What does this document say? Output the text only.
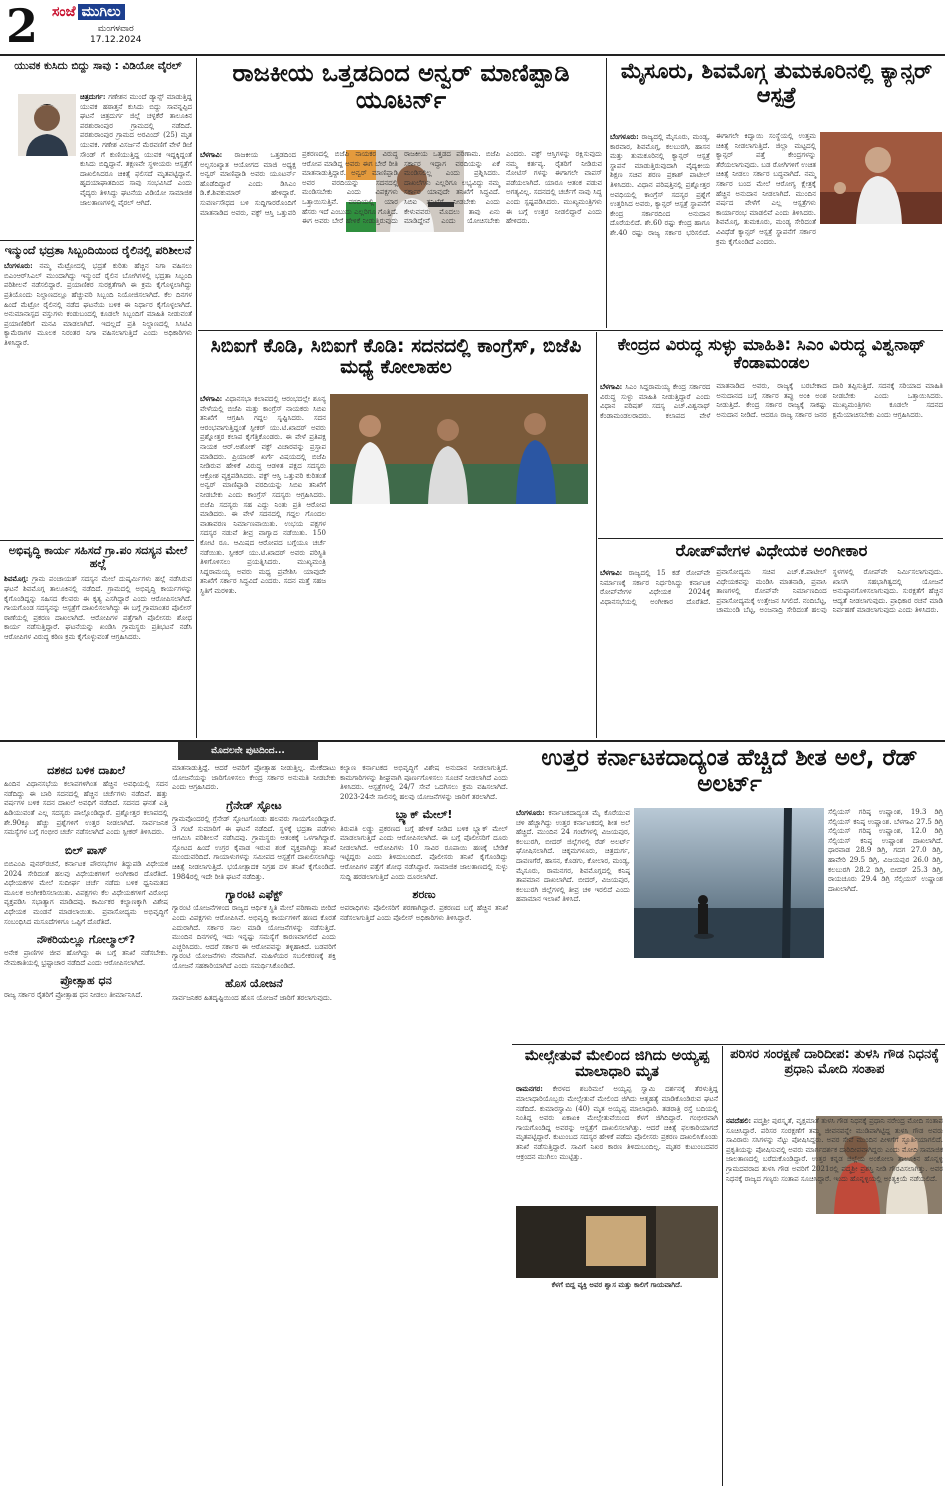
2 ಸಂಜೆ ಮುಗಿಲು
ಮಂಗಳವಾರ
17.12.2024
ಯುವಕ ಕುಸಿದು ಬಿದ್ದು ಸಾವು : ವಿಡಿಯೋ ವೈರಲ್

ಚಿತ್ರದುರ್ಗ: ಗಣೇಶನ ಮುಂದೆ ಡ್ಯಾನ್ಸ್ ಮಾಡುತ್ತಿದ್ದ ಯುವಕ ಹಠಾತ್ತನೆ ಕುಸಿದು ಬಿದ್ದು ಸಾವನ್ನಪ್ಪಿದ ಘಟನೆ ಚಿತ್ರದುರ್ಗ ಜಿಲ್ಲೆ ಚಳ್ಳಕೆರೆ ತಾಲೂಕಿನ ಪರಶುರಾಂಪುರ ಗ್ರಾಮದಲ್ಲಿ ನಡೆದಿದೆ. ಪರಶುರಾಂಪುರ ಗ್ರಾಮದ ಅರವಿಂದ್ (25) ಮೃತ ಯುವಕ. ಗಣೇಶ ವಿಸರ್ಜನೆ ಮೆರವಣಿಗೆ ವೇಳೆ ಡಿಜೆ ಸೌಂಡ್ ಗೆ ಕುಣಿಯುತ್ತಿದ್ದ ಯುವಕ ಇದ್ದಕ್ಕಿದ್ದಂತೆ ಕುಸಿದು ಬಿದ್ದಿದ್ದಾನೆ. ತಕ್ಷಣವೇ ಸ್ಥಳೀಯರು ಆಸ್ಪತ್ರೆಗೆ ದಾಖಲಿಸಿದರೂ ಚಿಕಿತ್ಸೆ ಫಲಿಸದೆ ಮೃತಪಟ್ಟಿದ್ದಾನೆ. ಹೃದಯಾಘಾತದಿಂದ ಸಾವು ಸಂಭವಿಸಿದೆ ಎಂದು ವೈದ್ಯರು ತಿಳಿಸಿದ್ದು ಘಟನೆಯ ವಿಡಿಯೋ ಸಾಮಾಜಿಕ ಜಾಲತಾಣಗಳಲ್ಲಿ ವೈರಲ್ ಆಗಿದೆ.

ಇನ್ಮುಂದೆ ಭದ್ರತಾ ಸಿಬ್ಬಂದಿಯಿಂದ ರೈಲಿನಲ್ಲಿ ಪರಿಶೀಲನೆ

ಬೆಂಗಳೂರು: ನಮ್ಮ ಮೆಟ್ರೋದಲ್ಲಿ ಭದ್ರತೆ ಕುರಿತು ಹೆಚ್ಚಿನ ನಿಗಾ ವಹಿಸಲು ಬಿಎಂಆರ್‌ಸಿಎಲ್ ಮುಂದಾಗಿದ್ದು ಇನ್ಮುಂದೆ ರೈಲಿನ ಬೋಗಿಗಳಲ್ಲಿ ಭದ್ರತಾ ಸಿಬ್ಬಂದಿ ಪರಿಶೀಲನೆ ನಡೆಸಲಿದ್ದಾರೆ. ಪ್ರಯಾಣಿಕರ ಸುರಕ್ಷತೆಗಾಗಿ ಈ ಕ್ರಮ ಕೈಗೊಳ್ಳಲಾಗಿದ್ದು ಪ್ರತಿಯೊಂದು ನಿಲ್ದಾಣದಲ್ಲೂ ಹೆಚ್ಚುವರಿ ಸಿಬ್ಬಂದಿ ನಿಯೋಜಿಸಲಾಗಿದೆ. ಕೆಲ ದಿನಗಳ ಹಿಂದೆ ಮೆಟ್ರೋ ರೈಲಿನಲ್ಲಿ ನಡೆದ ಘಟನೆಯ ಬಳಿಕ ಈ ನಿರ್ಧಾರ ಕೈಗೊಳ್ಳಲಾಗಿದೆ. ಅನುಮಾನಾಸ್ಪದ ವಸ್ತುಗಳು ಕಂಡುಬಂದಲ್ಲಿ ಕೂಡಲೇ ಸಿಬ್ಬಂದಿಗೆ ಮಾಹಿತಿ ನೀಡುವಂತೆ ಪ್ರಯಾಣಿಕರಿಗೆ ಮನವಿ ಮಾಡಲಾಗಿದೆ. ಇದಲ್ಲದೆ ಪ್ರತಿ ನಿಲ್ದಾಣದಲ್ಲಿ ಸಿಸಿಟಿವಿ ಕ್ಯಾಮೆರಾಗಳ ಮೂಲಕ ನಿರಂತರ ನಿಗಾ ವಹಿಸಲಾಗುತ್ತಿದೆ ಎಂದು ಅಧಿಕಾರಿಗಳು ತಿಳಿಸಿದ್ದಾರೆ.

ಅಭಿವೃದ್ಧಿ ಕಾರ್ಯ ಸಹಿಸದೆ ಗ್ರಾ.ಪಂ ಸದಸ್ಯನ ಮೇಲೆ ಹಲ್ಲೆ

ಶಿವಮೊಗ್ಗ: ಗ್ರಾಮ ಪಂಚಾಯತ್ ಸದಸ್ಯನ ಮೇಲೆ ದುಷ್ಕರ್ಮಿಗಳು ಹಲ್ಲೆ ನಡೆಸಿರುವ ಘಟನೆ ಶಿವಮೊಗ್ಗ ತಾಲೂಕಿನಲ್ಲಿ ನಡೆದಿದೆ. ಗ್ರಾಮದಲ್ಲಿ ಅಭಿವೃದ್ಧಿ ಕಾರ್ಯಗಳನ್ನು ಕೈಗೊಂಡಿದ್ದನ್ನು ಸಹಿಸದ ಕೆಲವರು ಈ ಕೃತ್ಯ ಎಸಗಿದ್ದಾರೆ ಎಂದು ಆರೋಪಿಸಲಾಗಿದೆ. ಗಾಯಗೊಂಡ ಸದಸ್ಯನನ್ನು ಆಸ್ಪತ್ರೆಗೆ ದಾಖಲಿಸಲಾಗಿದ್ದು ಈ ಬಗ್ಗೆ ಗ್ರಾಮಾಂತರ ಪೊಲೀಸ್ ಠಾಣೆಯಲ್ಲಿ ಪ್ರಕರಣ ದಾಖಲಾಗಿದೆ. ಆರೋಪಿಗಳ ಪತ್ತೆಗಾಗಿ ಪೊಲೀಸರು ಶೋಧ ಕಾರ್ಯ ನಡೆಸುತ್ತಿದ್ದಾರೆ. ಘಟನೆಯನ್ನು ಖಂಡಿಸಿ ಗ್ರಾಮಸ್ಥರು ಪ್ರತಿಭಟನೆ ನಡೆಸಿ ಆರೋಪಿಗಳ ವಿರುದ್ಧ ಕಠಿಣ ಕ್ರಮ ಕೈಗೊಳ್ಳುವಂತೆ ಆಗ್ರಹಿಸಿದರು.

ರಾಜಕೀಯ ಒತ್ತಡದಿಂದ ಅನ್ವರ್ ಮಾಣಿಪ್ಪಾಡಿ ಯೂಟರ್ನ್

ಬೆಳಗಾವಿ: ರಾಜಕೀಯ ಒತ್ತಡದಿಂದ ಅಲ್ಪಸಂಖ್ಯಾತ ಆಯೋಗದ ಮಾಜಿ ಅಧ್ಯಕ್ಷ ಅನ್ವರ್ ಮಾಣಿಪ್ಪಾಡಿ ಅವರು ಯೂಟರ್ನ್ ಹೊಡೆದಿದ್ದಾರೆ ಎಂದು ಡಿಸಿಎಂ ಡಿ.ಕೆ.ಶಿವಕುಮಾರ್ ಹೇಳಿದ್ದಾರೆ. ಸುವರ್ಣಸೌಧದ ಬಳಿ ಸುದ್ದಿಗಾರರೊಂದಿಗೆ ಮಾತನಾಡಿದ ಅವರು, ವಕ್ಫ್ ಆಸ್ತಿ ಒತ್ತುವರಿ ಪ್ರಕರಣದಲ್ಲಿ ಬಿಜೆಪಿ ನಾಯಕರ ವಿರುದ್ಧ ಆರೋಪ ಮಾಡಿದ್ದ ಅವರು ಈಗ ಬೇರೆ ರೀತಿ ಮಾತನಾಡುತ್ತಿದ್ದಾರೆ. ಅನ್ವರ್ ಮಾಣಿಪ್ಪಾಡಿ ಅವರ ವರದಿಯನ್ನು ಸದನದಲ್ಲಿ ಮಂಡಿಸಬೇಕು ಎಂದು ವಿಪಕ್ಷಗಳು ಒತ್ತಾಯಿಸುತ್ತಿವೆ. ವರದಿಯಲ್ಲಿ ಯಾರ ಹೆಸರು ಇದೆ ಎಂಬುದು ಎಲ್ಲರಿಗೂ ಗೊತ್ತಿದೆ. ಈಗ ಅವರು ಬೇರೆ ಹೇಳಿಕೆ ನೀಡುತ್ತಿರುವುದು ರಾಜಕೀಯ ಒತ್ತಡದ ಪರಿಣಾಮ. ಬಿಜೆಪಿ ಸರ್ಕಾರ ಇದ್ದಾಗ ವರದಿಯನ್ನು ಏಕೆ ಮಂಡಿಸಲಿಲ್ಲ ಎಂದು ಪ್ರಶ್ನಿಸಿದರು. ದಾಖಲೆಗಳು ಎಲ್ಲರಿಗೂ ಲಭ್ಯವಿದ್ದು ನಮ್ಮ ಸರ್ಕಾರ ಯಾವುದೇ ತನಿಖೆಗೆ ಸಿದ್ಧವಿದೆ. ಸಿಬಿಐ ತನಿಖೆಗೆ ನೀಡಬೇಕು ಎಂದು ಕೇಳುವವರು ಮೊದಲು ತಾವು ಏನು ಮಾಡಿದ್ದೇವೆ ಎಂದು ಯೋಚಿಸಬೇಕು ಎಂದರು. ವಕ್ಫ್ ಆಸ್ತಿಗಳನ್ನು ರಕ್ಷಿಸುವುದು ನಮ್ಮ ಕರ್ತವ್ಯ. ರೈತರಿಗೆ ನೀಡಿರುವ ನೋಟಿಸ್ ಗಳನ್ನು ಈಗಾಗಲೇ ವಾಪಸ್ ಪಡೆಯಲಾಗಿದೆ. ಯಾರೂ ಆತಂಕ ಪಡುವ ಅಗತ್ಯವಿಲ್ಲ. ಸದನದಲ್ಲಿ ಚರ್ಚೆಗೆ ನಾವು ಸಿದ್ಧ ಎಂದು ಸ್ಪಷ್ಟಪಡಿಸಿದರು. ಮುಖ್ಯಮಂತ್ರಿಗಳು ಈ ಬಗ್ಗೆ ಉತ್ತರ ನೀಡಲಿದ್ದಾರೆ ಎಂದು ಹೇಳಿದರು.

ಮೈಸೂರು, ಶಿವಮೊಗ್ಗ ತುಮಕೂರಿನಲ್ಲಿ ಕ್ಯಾನ್ಸರ್ ಆಸ್ಪತ್ರೆ

ಬೆಂಗಳೂರು: ರಾಜ್ಯದಲ್ಲಿ ಮೈಸೂರು, ಮಂಡ್ಯ, ಕಾರವಾರ, ಶಿವಮೊಗ್ಗ, ಕಲಬುರಗಿ, ಹಾಸನ ಮತ್ತು ತುಮಕೂರಿನಲ್ಲಿ ಕ್ಯಾನ್ಸರ್ ಆಸ್ಪತ್ರೆ ಸ್ಥಾಪನೆ ಮಾಡುತ್ತಿರುವುದಾಗಿ ವೈದ್ಯಕೀಯ ಶಿಕ್ಷಣ ಸಚಿವ ಶರಣ ಪ್ರಕಾಶ್ ಪಾಟೀಲ್ ತಿಳಿಸಿದರು. ವಿಧಾನ ಪರಿಷತ್ತಿನಲ್ಲಿ ಪ್ರಶ್ನೋತ್ತರ ಅವಧಿಯಲ್ಲಿ ಕಾಂಗ್ರೆಸ್ ಸದಸ್ಯರ ಪ್ರಶ್ನೆಗೆ ಉತ್ತರಿಸಿದ ಅವರು, ಕ್ಯಾನ್ಸರ್ ಆಸ್ಪತ್ರೆ ಸ್ಥಾಪನೆಗೆ ಕೇಂದ್ರ ಸರ್ಕಾರದಿಂದ ಅನುದಾನ ದೊರೆಯಲಿದೆ. ಶೇ.60 ರಷ್ಟು ಕೇಂದ್ರ ಹಾಗೂ ಶೇ.40 ರಷ್ಟು ರಾಜ್ಯ ಸರ್ಕಾರ ಭರಿಸಲಿದೆ. ಈಗಾಗಲೇ ಕಿದ್ವಾಯಿ ಸಂಸ್ಥೆಯಲ್ಲಿ ಉತ್ತಮ ಚಿಕಿತ್ಸೆ ನೀಡಲಾಗುತ್ತಿದೆ. ಜಿಲ್ಲಾ ಮಟ್ಟದಲ್ಲಿ ಕ್ಯಾನ್ಸರ್ ಪತ್ತೆ ಕೇಂದ್ರಗಳನ್ನು ತೆರೆಯಲಾಗುವುದು. ಬಡ ರೋಗಿಗಳಿಗೆ ಉಚಿತ ಚಿಕಿತ್ಸೆ ನೀಡಲು ಸರ್ಕಾರ ಬದ್ಧವಾಗಿದೆ. ನಮ್ಮ ಸರ್ಕಾರ ಬಂದ ಮೇಲೆ ಆರೋಗ್ಯ ಕ್ಷೇತ್ರಕ್ಕೆ ಹೆಚ್ಚಿನ ಅನುದಾನ ನೀಡಲಾಗಿದೆ. ಮುಂದಿನ ವರ್ಷದ ವೇಳೆಗೆ ಎಲ್ಲ ಆಸ್ಪತ್ರೆಗಳು ಕಾರ್ಯಾರಂಭ ಮಾಡಲಿವೆ ಎಂದು ತಿಳಿಸಿದರು. ಶಿವಮೊಗ್ಗ, ತುಮಕೂರು, ಮಂಡ್ಯ ಸೇರಿದಂತೆ ವಿವಿಧೆಡೆ ಕ್ಯಾನ್ಸರ್ ಆಸ್ಪತ್ರೆ ಸ್ಥಾಪನೆಗೆ ಸರ್ಕಾರ ಕ್ರಮ ಕೈಗೊಂಡಿದೆ ಎಂದರು.

ಸಿಬಿಐಗೆ ಕೊಡಿ, ಸಿಬಿಐಗೆ ಕೊಡಿ: ಸದನದಲ್ಲಿ ಕಾಂಗ್ರೆಸ್, ಬಿಜೆಪಿ ಮಧ್ಯೆ ಕೋಲಾಹಲ

ಬೆಳಗಾವಿ: ವಿಧಾನಸಭಾ ಕಲಾಪದಲ್ಲಿ ಆರಂಭದಲ್ಲೇ ಶೂನ್ಯ ವೇಳೆಯಲ್ಲಿ ಬಿಜೆಪಿ ಮತ್ತು ಕಾಂಗ್ರೆಸ್ ನಾಯಕರು ಸಿಬಿಐ ತನಿಖೆಗೆ ಆಗ್ರಹಿಸಿ ಗದ್ದಲ ಸೃಷ್ಟಿಸಿದರು. ಸದನ ಆರಂಭವಾಗುತ್ತಿದ್ದಂತೆ ಸ್ಪೀಕರ್ ಯು.ಟಿ.ಖಾದರ್ ಅವರು ಪ್ರಶ್ನೋತ್ತರ ಕಲಾಪ ಕೈಗೆತ್ತಿಕೊಂಡರು. ಈ ವೇಳೆ ಪ್ರತಿಪಕ್ಷ ನಾಯಕ ಆರ್.ಅಶೋಕ್ ವಕ್ಫ್ ವಿಚಾರವನ್ನು ಪ್ರಸ್ತಾಪ ಮಾಡಿದರು. ಪ್ರಿಯಾಂಕ್ ಖರ್ಗೆ ವಿಷಯದಲ್ಲಿ ಬಿಜೆಪಿ ನೀಡಿರುವ ಹೇಳಿಕೆ ವಿರುದ್ಧ ಆಡಳಿತ ಪಕ್ಷದ ಸದಸ್ಯರು ಆಕ್ರೋಶ ವ್ಯಕ್ತಪಡಿಸಿದರು. ವಕ್ಫ್ ಆಸ್ತಿ ಒತ್ತುವರಿ ಕುರಿತಂತೆ ಅನ್ವರ್ ಮಾಣಿಪ್ಪಾಡಿ ವರದಿಯನ್ನು ಸಿಬಿಐ ತನಿಖೆಗೆ ನೀಡಬೇಕು ಎಂದು ಕಾಂಗ್ರೆಸ್ ಸದಸ್ಯರು ಆಗ್ರಹಿಸಿದರು. ಬಿಜೆಪಿ ಸದಸ್ಯರು ಸಹ ಎದ್ದು ನಿಂತು ಪ್ರತಿ ಆರೋಪ ಮಾಡಿದರು. ಈ ವೇಳೆ ಸದನದಲ್ಲಿ ಗದ್ದಲ ಗೊಂದಲ ವಾತಾವರಣ ನಿರ್ಮಾಣವಾಯಿತು. ಉಭಯ ಪಕ್ಷಗಳ ಸದಸ್ಯರ ನಡುವೆ ತೀವ್ರ ವಾಗ್ವಾದ ನಡೆಯಿತು. 150 ಕೋಟಿ ರೂ. ಆಮಿಷದ ಆರೋಪದ ಬಗ್ಗೆಯೂ ಚರ್ಚೆ ನಡೆಯಿತು. ಸ್ಪೀಕರ್ ಯು.ಟಿ.ಖಾದರ್ ಅವರು ಪರಿಸ್ಥಿತಿ ತಿಳಿಗೊಳಿಸಲು ಪ್ರಯತ್ನಿಸಿದರು. ಮುಖ್ಯಮಂತ್ರಿ ಸಿದ್ದರಾಮಯ್ಯ ಅವರು ಮಧ್ಯ ಪ್ರವೇಶಿಸಿ ಯಾವುದೇ ತನಿಖೆಗೆ ಸರ್ಕಾರ ಸಿದ್ಧವಿದೆ ಎಂದರು. ಸದನ ಮತ್ತೆ ಸಹಜ ಸ್ಥಿತಿಗೆ ಮರಳಿತು.

ಕೇಂದ್ರದ ವಿರುದ್ಧ ಸುಳ್ಳು ಮಾಹಿತಿ: ಸಿಎಂ ವಿರುದ್ಧ ವಿಶ್ವನಾಥ್ ಕೆಂಡಾಮಂಡಲ

ಬೆಳಗಾವಿ: ಸಿಎಂ ಸಿದ್ದರಾಮಯ್ಯ ಕೇಂದ್ರ ಸರ್ಕಾರದ ವಿರುದ್ಧ ಸುಳ್ಳು ಮಾಹಿತಿ ನೀಡುತ್ತಿದ್ದಾರೆ ಎಂದು ವಿಧಾನ ಪರಿಷತ್ ಸದಸ್ಯ ಎಚ್.ವಿಶ್ವನಾಥ್ ಕೆಂಡಾಮಂಡಲರಾದರು. ಕಲಾಪದ ವೇಳೆ ಮಾತನಾಡಿದ ಅವರು, ರಾಜ್ಯಕ್ಕೆ ಬರಬೇಕಾದ ಅನುದಾನದ ಬಗ್ಗೆ ಸರ್ಕಾರ ತಪ್ಪು ಅಂಕಿ ಅಂಶ ನೀಡುತ್ತಿದೆ. ಕೇಂದ್ರ ಸರ್ಕಾರ ರಾಜ್ಯಕ್ಕೆ ಸಾಕಷ್ಟು ಅನುದಾನ ನೀಡಿದೆ. ಆದರೂ ರಾಜ್ಯ ಸರ್ಕಾರ ಜನರ ದಾರಿ ತಪ್ಪಿಸುತ್ತಿದೆ. ಸದನಕ್ಕೆ ಸರಿಯಾದ ಮಾಹಿತಿ ನೀಡಬೇಕು ಎಂದು ಒತ್ತಾಯಿಸಿದರು. ಮುಖ್ಯಮಂತ್ರಿಗಳು ಕೂಡಲೇ ಸದನದ ಕ್ಷಮೆಯಾಚಿಸಬೇಕು ಎಂದು ಆಗ್ರಹಿಸಿದರು.

ರೋಪ್‌ವೇಗಳ ವಿಧೇಯಕ ಅಂಗೀಕಾರ

ಬೆಳಗಾವಿ: ರಾಜ್ಯದಲ್ಲಿ 15 ಕಡೆ ರೋಪ್‌ವೇ ನಿರ್ಮಾಣಕ್ಕೆ ಸರ್ಕಾರ ನಿರ್ಧರಿಸಿದ್ದು ಕರ್ನಾಟಕ ರೋಪ್‌ವೇಗಳ ವಿಧೇಯಕ 2024ಕ್ಕೆ ವಿಧಾನಸಭೆಯಲ್ಲಿ ಅಂಗೀಕಾರ ದೊರೆತಿದೆ. ಪ್ರವಾಸೋದ್ಯಮ ಸಚಿವ ಎಚ್.ಕೆ.ಪಾಟೀಲ್ ವಿಧೇಯಕವನ್ನು ಮಂಡಿಸಿ ಮಾತನಾಡಿ, ಪ್ರವಾಸಿ ತಾಣಗಳಲ್ಲಿ ರೋಪ್‌ವೇ ನಿರ್ಮಾಣದಿಂದ ಪ್ರವಾಸೋದ್ಯಮಕ್ಕೆ ಉತ್ತೇಜನ ಸಿಗಲಿದೆ. ನಂದಿಬೆಟ್ಟ, ಚಾಮುಂಡಿ ಬೆಟ್ಟ, ಅಂಜನಾದ್ರಿ ಸೇರಿದಂತೆ ಹಲವು ಸ್ಥಳಗಳಲ್ಲಿ ರೋಪ್‌ವೇ ನಿರ್ಮಿಸಲಾಗುವುದು. ಖಾಸಗಿ ಸಹಭಾಗಿತ್ವದಲ್ಲಿ ಯೋಜನೆ ಅನುಷ್ಠಾನಗೊಳಿಸಲಾಗುವುದು. ಸುರಕ್ಷತೆಗೆ ಹೆಚ್ಚಿನ ಆದ್ಯತೆ ನೀಡಲಾಗುವುದು. ಪ್ರಾಧಿಕಾರ ರಚನೆ ಮಾಡಿ ನಿರ್ವಹಣೆ ಮಾಡಲಾಗುವುದು ಎಂದು ತಿಳಿಸಿದರು.

ಮೊದಲನೇ ಪುಟದಿಂದ...
ದಶಕದ ಬಳಿಕ ದಾಖಲೆ

ಹಿಂದಿನ ವಿಧಾನಸಭೆಯ ಕಲಾಪಗಳಿಗಿಂತ ಹೆಚ್ಚಿನ ಅವಧಿಯಲ್ಲಿ ಸದನ ನಡೆದಿದ್ದು ಈ ಬಾರಿ ಸದನದಲ್ಲಿ ಹೆಚ್ಚಿನ ಚರ್ಚೆಗಳು ನಡೆದಿವೆ. ಹತ್ತು ವರ್ಷಗಳ ಬಳಿಕ ಸದನ ದಾಖಲೆ ಅವಧಿಗೆ ನಡೆದಿದೆ. ಸದನದ ಘನತೆ ಎತ್ತಿ ಹಿಡಿಯುವಂತೆ ಎಲ್ಲ ಸದಸ್ಯರು ಪಾಲ್ಗೊಂಡಿದ್ದಾರೆ. ಪ್ರಶ್ನೋತ್ತರ ಕಲಾಪದಲ್ಲಿ ಶೇ.90ಕ್ಕೂ ಹೆಚ್ಚು ಪ್ರಶ್ನೆಗಳಿಗೆ ಉತ್ತರ ನೀಡಲಾಗಿದೆ. ಸಾರ್ವಜನಿಕ ಸಮಸ್ಯೆಗಳ ಬಗ್ಗೆ ಗಂಭೀರ ಚರ್ಚೆ ನಡೆಸಲಾಗಿದೆ ಎಂದು ಸ್ಪೀಕರ್ ತಿಳಿಸಿದರು.

ಬಿಲ್ ಪಾಸ್

ಬಿಬಿಎಂಪಿ ಪುನರ್‌ರಚನೆ, ಕರ್ನಾಟಕ ಪೌರಸಭೆಗಳ ತಿದ್ದುಪಡಿ ವಿಧೇಯಕ 2024 ಸೇರಿದಂತೆ ಹಲವು ವಿಧೇಯಕಗಳಿಗೆ ಅಂಗೀಕಾರ ದೊರೆತಿದೆ. ವಿಧೇಯಕಗಳ ಮೇಲೆ ಸುದೀರ್ಘ ಚರ್ಚೆ ನಡೆದು ಬಳಿಕ ಧ್ವನಿಮತದ ಮೂಲಕ ಅಂಗೀಕರಿಸಲಾಯಿತು. ವಿಪಕ್ಷಗಳು ಕೆಲ ವಿಧೇಯಕಗಳಿಗೆ ವಿರೋಧ ವ್ಯಕ್ತಪಡಿಸಿ ಸಭಾತ್ಯಾಗ ಮಾಡಿದವು. ಕಾರ್ಮಿಕರ ಕಲ್ಯಾಣಕ್ಕಾಗಿ ವಿಶೇಷ ವಿಧೇಯಕ ಮಂಡನೆ ಮಾಡಲಾಯಿತು. ಪ್ರವಾಸೋದ್ಯಮ ಅಭಿವೃದ್ಧಿಗೆ ಸಂಬಂಧಿಸಿದ ಮಸೂದೆಗಳಿಗೂ ಒಪ್ಪಿಗೆ ದೊರೆತಿದೆ.

ನೌಕರಿಯಲ್ಲೂ ಗೋಲ್ಮಾಲ್?

ಅನೇಕ ಪ್ರಾಣಿಗಳ ಜೀವ ಹೋಗಿದ್ದು ಈ ಬಗ್ಗೆ ತನಿಖೆ ನಡೆಸಬೇಕು. ನೇಮಕಾತಿಯಲ್ಲಿ ಭ್ರಷ್ಟಾಚಾರ ನಡೆದಿದೆ ಎಂದು ಆರೋಪಿಸಲಾಗಿದೆ.

ಪ್ರೋತ್ಸಾಹ ಧನ

ರಾಜ್ಯ ಸರ್ಕಾರ ರೈತರಿಗೆ ಪ್ರೋತ್ಸಾಹ ಧನ ನೀಡಲು ತೀರ್ಮಾನಿಸಿದೆ.

ಮಾತನಾಡುತ್ತಿದ್ದೆ. ಆದರೆ ಅವರಿಗೆ ಪ್ರೋತ್ಸಾಹ ನೀಡುತ್ತಿಲ್ಲ. ಮೇಕೆದಾಟು ಯೋಜನೆಯನ್ನು ಜಾರಿಗೊಳಿಸಲು ಕೇಂದ್ರ ಸರ್ಕಾರ ಅನುಮತಿ ನೀಡಬೇಕು ಎಂದು ಆಗ್ರಹಿಸಿದರು.

ಗ್ರೆನೇಡ್ ಸ್ಫೋಟ

ಗ್ರಾಮವೊಂದರಲ್ಲಿ ಗ್ರೆನೇಡ್ ಸ್ಫೋಟಗೊಂಡು ಹಲವರು ಗಾಯಗೊಂಡಿದ್ದಾರೆ. 3 ಗಂಟೆ ಸುಮಾರಿಗೆ ಈ ಘಟನೆ ನಡೆದಿದೆ. ಸ್ಥಳಕ್ಕೆ ಭದ್ರತಾ ಪಡೆಗಳು ಆಗಮಿಸಿ ಪರಿಶೀಲನೆ ನಡೆಸಿದವು. ಗ್ರಾಮಸ್ಥರು ಆತಂಕಕ್ಕೆ ಒಳಗಾಗಿದ್ದಾರೆ. ಸ್ಫೋಟದ ಹಿಂದೆ ಉಗ್ರರ ಕೈವಾಡ ಇರುವ ಶಂಕೆ ವ್ಯಕ್ತವಾಗಿದ್ದು ತನಿಖೆ ಮುಂದುವರಿದಿದೆ. ಗಾಯಾಳುಗಳನ್ನು ಸಮೀಪದ ಆಸ್ಪತ್ರೆಗೆ ದಾಖಲಿಸಲಾಗಿದ್ದು ಚಿಕಿತ್ಸೆ ನೀಡಲಾಗುತ್ತಿದೆ. ಭಯೋತ್ಪಾದಕ ನಿಗ್ರಹ ದಳ ತನಿಖೆ ಕೈಗೊಂಡಿದೆ. 1984ರಲ್ಲಿ ಇದೇ ರೀತಿ ಘಟನೆ ನಡೆದಿತ್ತು.

ಗ್ಯಾರಂಟಿ ಎಫೆಕ್ಟ್

ಗ್ಯಾರಂಟಿ ಯೋಜನೆಗಳಿಂದ ರಾಜ್ಯದ ಆರ್ಥಿಕ ಸ್ಥಿತಿ ಮೇಲೆ ಪರಿಣಾಮ ಬೀರಿದೆ ಎಂದು ವಿಪಕ್ಷಗಳು ಆರೋಪಿಸಿವೆ. ಅಭಿವೃದ್ಧಿ ಕಾರ್ಯಗಳಿಗೆ ಹಣದ ಕೊರತೆ ಎದುರಾಗಿದೆ. ಸರ್ಕಾರ ಸಾಲ ಮಾಡಿ ಯೋಜನೆಗಳನ್ನು ನಡೆಸುತ್ತಿದೆ. ಮುಂದಿನ ದಿನಗಳಲ್ಲಿ ಇದು ಇನ್ನಷ್ಟು ಸಮಸ್ಯೆಗೆ ಕಾರಣವಾಗಲಿದೆ ಎಂದು ಎಚ್ಚರಿಸಿದರು. ಆದರೆ ಸರ್ಕಾರ ಈ ಆರೋಪವನ್ನು ತಳ್ಳಿಹಾಕಿದೆ. ಬಡವರಿಗೆ ಗ್ಯಾರಂಟಿ ಯೋಜನೆಗಳು ನೆರವಾಗಿವೆ. ಮಹಿಳೆಯರ ಸಬಲೀಕರಣಕ್ಕೆ ಶಕ್ತಿ ಯೋಜನೆ ಸಹಕಾರಿಯಾಗಿದೆ ಎಂದು ಸಮರ್ಥಿಸಿಕೊಂಡಿದೆ.

ಹೊಸ ಯೋಜನೆ

ಸಾರ್ವಜನಿಕರ ಹಿತದೃಷ್ಟಿಯಿಂದ ಹೊಸ ಯೋಜನೆ ಜಾರಿಗೆ ತರಲಾಗುವುದು.

ಕಲ್ಯಾಣ ಕರ್ನಾಟಕದ ಅಭಿವೃದ್ಧಿಗೆ ವಿಶೇಷ ಅನುದಾನ ನೀಡಲಾಗುತ್ತಿದೆ. ಕಾಮಗಾರಿಗಳನ್ನು ಶೀಘ್ರವಾಗಿ ಪೂರ್ಣಗೊಳಿಸಲು ಸೂಚನೆ ನೀಡಲಾಗಿದೆ ಎಂದು ತಿಳಿಸಿದರು. ಆಸ್ಪತ್ರೆಗಳಲ್ಲಿ 24/7 ಸೇವೆ ಒದಗಿಸಲು ಕ್ರಮ ವಹಿಸಲಾಗಿದೆ. 2023-24ನೇ ಸಾಲಿನಲ್ಲಿ ಹಲವು ಯೋಜನೆಗಳನ್ನು ಜಾರಿಗೆ ತರಲಾಗಿದೆ.

ಬ್ಲ್ಯಾಕ್ ಮೇಲ್!

ತಿರುಪತಿ ಲಡ್ಡು ಪ್ರಕರಣದ ಬಗ್ಗೆ ಹೇಳಿಕೆ ನೀಡಿದ ಬಳಿಕ ಬ್ಲ್ಯಾಕ್ ಮೇಲ್ ಮಾಡಲಾಗುತ್ತಿದೆ ಎಂದು ಆರೋಪಿಸಲಾಗಿದೆ. ಈ ಬಗ್ಗೆ ಪೊಲೀಸರಿಗೆ ದೂರು ನೀಡಲಾಗಿದೆ. ಆರೋಪಿಗಳು 10 ಸಾವಿರ ರೂಪಾಯಿ ಹಣಕ್ಕೆ ಬೇಡಿಕೆ ಇಟ್ಟಿದ್ದರು ಎಂದು ತಿಳಿದುಬಂದಿದೆ. ಪೊಲೀಸರು ತನಿಖೆ ಕೈಗೊಂಡಿದ್ದು ಆರೋಪಿಗಳ ಪತ್ತೆಗೆ ಶೋಧ ನಡೆಸಿದ್ದಾರೆ. ಸಾಮಾಜಿಕ ಜಾಲತಾಣದಲ್ಲಿ ಸುಳ್ಳು ಸುದ್ದಿ ಹರಡಲಾಗುತ್ತಿದೆ ಎಂದು ದೂರಲಾಗಿದೆ.

ಶರಣು

ಅಪರಾಧಿಗಳು ಪೊಲೀಸರಿಗೆ ಶರಣಾಗಿದ್ದಾರೆ. ಪ್ರಕರಣದ ಬಗ್ಗೆ ಹೆಚ್ಚಿನ ತನಿಖೆ ನಡೆಸಲಾಗುತ್ತಿದೆ ಎಂದು ಪೊಲೀಸ್ ಅಧಿಕಾರಿಗಳು ತಿಳಿಸಿದ್ದಾರೆ.

ಉತ್ತರ ಕರ್ನಾಟಕದಾದ್ಯಂತ ಹೆಚ್ಚಿದೆ ಶೀತ ಅಲೆ, ರೆಡ್ ಅಲರ್ಟ್

ಬೆಂಗಳೂರು: ಕರ್ನಾಟಕದಾದ್ಯಂತ ಮೈ ಕೊರೆಯುವ ಚಳಿ ಹೆಚ್ಚಾಗಿದ್ದು ಉತ್ತರ ಕರ್ನಾಟಕದಲ್ಲಿ ಶೀತ ಅಲೆ ಹೆಚ್ಚಿದೆ. ಮುಂದಿನ 24 ಗಂಟೆಗಳಲ್ಲಿ ವಿಜಯಪುರ, ಕಲಬುರಗಿ, ಬೀದರ್ ಜಿಲ್ಲೆಗಳಲ್ಲಿ ರೆಡ್ ಅಲರ್ಟ್ ಘೋಷಿಸಲಾಗಿದೆ. ಚಿಕ್ಕಮಗಳೂರು, ಚಿತ್ರದುರ್ಗ, ದಾವಣಗೆರೆ, ಹಾಸನ, ಕೊಡಗು, ಕೋಲಾರ, ಮಂಡ್ಯ, ಮೈಸೂರು, ರಾಮನಗರ, ಶಿವಮೊಗ್ಗದಲ್ಲಿ ಕನಿಷ್ಠ ತಾಪಮಾನ ದಾಖಲಾಗಿದೆ. ಬೀದರ್, ವಿಜಯಪುರ, ಕಲಬುರಗಿ ಜಿಲ್ಲೆಗಳಲ್ಲಿ ತೀವ್ರ ಚಳಿ ಇರಲಿದೆ ಎಂದು ಹವಾಮಾನ ಇಲಾಖೆ ತಿಳಿಸಿದೆ.

ಸೆಲ್ಸಿಯಸ್ ಗರಿಷ್ಠ ಉಷ್ಣಾಂಶ, 19.3 ಡಿಗ್ರಿ ಸೆಲ್ಸಿಯಸ್ ಕನಿಷ್ಠ ಉಷ್ಣಾಂಶ. ಬೆಳಗಾವಿ 27.5 ಡಿಗ್ರಿ ಸೆಲ್ಸಿಯಸ್ ಗರಿಷ್ಠ ಉಷ್ಣಾಂಶ, 12.0 ಡಿಗ್ರಿ ಸೆಲ್ಸಿಯಸ್ ಕನಿಷ್ಠ ಉಷ್ಣಾಂಶ ದಾಖಲಾಗಿದೆ. ಧಾರವಾಡ 28.9 ಡಿಗ್ರಿ, ಗದಗ 27.0 ಡಿಗ್ರಿ, ಹಾವೇರಿ 29.5 ಡಿಗ್ರಿ, ವಿಜಯಪುರ 26.0 ಡಿಗ್ರಿ, ಕಲಬುರಗಿ 28.2 ಡಿಗ್ರಿ, ಬೀದರ್ 25.3 ಡಿಗ್ರಿ, ರಾಯಚೂರು 29.4 ಡಿಗ್ರಿ ಸೆಲ್ಸಿಯಸ್ ಉಷ್ಣಾಂಶ ದಾಖಲಾಗಿದೆ.

ಮೇಲ್ಸೇತುವೆ ಮೇಲಿಂದ ಜಿಗಿದು ಅಯ್ಯಪ್ಪ ಮಾಲಾಧಾರಿ ಮೃತ

ರಾಮನಗರ: ಕೇರಳದ ಶಬರಿಮಲೆ ಅಯ್ಯಪ್ಪ ಸ್ವಾಮಿ ದರ್ಶನಕ್ಕೆ ತೆರಳುತ್ತಿದ್ದ ಮಾಲಾಧಾರಿಯೊಬ್ಬರು ಮೇಲ್ಸೇತುವೆ ಮೇಲಿಂದ ಜಿಗಿದು ಆತ್ಮಹತ್ಯೆ ಮಾಡಿಕೊಂಡಿರುವ ಘಟನೆ ನಡೆದಿದೆ. ಕುಮಾರಸ್ವಾಮಿ (40) ಮೃತ ಅಯ್ಯಪ್ಪ ಮಾಲಾಧಾರಿ. ತಡರಾತ್ರಿ ರಸ್ತೆ ಬದಿಯಲ್ಲಿ ನಿಂತಿದ್ದ ಅವರು ಏಕಾಏಕಿ ಮೇಲ್ಸೇತುವೆಯಿಂದ ಕೆಳಗೆ ಜಿಗಿದಿದ್ದಾರೆ. ಗಂಭೀರವಾಗಿ ಗಾಯಗೊಂಡಿದ್ದ ಅವರನ್ನು ಆಸ್ಪತ್ರೆಗೆ ದಾಖಲಿಸಲಾಗಿತ್ತು. ಆದರೆ ಚಿಕಿತ್ಸೆ ಫಲಕಾರಿಯಾಗದೆ ಮೃತಪಟ್ಟಿದ್ದಾರೆ. ಕುಟುಂಬದ ಸದಸ್ಯರ ಹೇಳಿಕೆ ಪಡೆದು ಪೊಲೀಸರು ಪ್ರಕರಣ ದಾಖಲಿಸಿಕೊಂಡು ತನಿಖೆ ನಡೆಸುತ್ತಿದ್ದಾರೆ. ಸಾವಿಗೆ ನಿಖರ ಕಾರಣ ತಿಳಿದುಬಂದಿಲ್ಲ. ಮೃತರ ಕುಟುಂಬದವರ ಆಕ್ರಂದನ ಮುಗಿಲು ಮುಟ್ಟಿತ್ತು.

ಕೆಳಗೆ ಬಿದ್ದ ವ್ಯಕ್ತಿ ಅವರ ಶ್ವಾಸ ಮತ್ತು ಕಾಲಿಗೆ ಗಾಯವಾಗಿದೆ.
ಪರಿಸರ ಸಂರಕ್ಷಣೆ ದಾರಿದೀಪ: ತುಳಸಿ ಗೌಡ ನಿಧನಕ್ಕೆ ಪ್ರಧಾನಿ ಮೋದಿ ಸಂತಾಪ

ನವದೆಹಲಿ: ಪದ್ಮಶ್ರೀ ಪುರಸ್ಕೃತೆ, ವೃಕ್ಷಮಾತೆ ತುಳಸಿ ಗೌಡ ನಿಧನಕ್ಕೆ ಪ್ರಧಾನಿ ನರೇಂದ್ರ ಮೋದಿ ಸಂತಾಪ ಸೂಚಿಸಿದ್ದಾರೆ. ಪರಿಸರ ಸಂರಕ್ಷಣೆಗೆ ತಮ್ಮ ಜೀವನವನ್ನೇ ಮುಡಿಪಾಗಿಟ್ಟಿದ್ದ ತುಳಸಿ ಗೌಡ ಅವರು ಸಾವಿರಾರು ಸಸಿಗಳನ್ನು ನೆಟ್ಟು ಪೋಷಿಸಿದ್ದರು. ಅವರ ಸೇವೆ ಮುಂದಿನ ಪೀಳಿಗೆಗೆ ಸ್ಫೂರ್ತಿಯಾಗಲಿದೆ. ಪ್ರಕೃತಿಯನ್ನು ಪೋಷಿಸುವಲ್ಲಿ ಅವರು ಮಾರ್ಗದರ್ಶಕ ದಾರಿದೀಪವಾಗಿದ್ದರು ಎಂದು ಮೋದಿ ಸಾಮಾಜಿಕ ಜಾಲತಾಣದಲ್ಲಿ ಬರೆದುಕೊಂಡಿದ್ದಾರೆ. ಉತ್ತರ ಕನ್ನಡ ಜಿಲ್ಲೆಯ ಅಂಕೋಲಾ ತಾಲೂಕಿನ ಹೊನ್ನಳ್ಳಿ ಗ್ರಾಮದವರಾದ ತುಳಸಿ ಗೌಡ ಅವರಿಗೆ 2021ರಲ್ಲಿ ಪದ್ಮಶ್ರೀ ಪ್ರಶಸ್ತಿ ನೀಡಿ ಗೌರವಿಸಲಾಗಿತ್ತು. ಅವರ ನಿಧನಕ್ಕೆ ರಾಜ್ಯದ ಗಣ್ಯರು ಸಂತಾಪ ಸೂಚಿಸಿದ್ದಾರೆ. ಇಂದು ಹೊನ್ನಳ್ಳಿಯಲ್ಲಿ ಅಂತ್ಯಕ್ರಿಯೆ ನಡೆಯಲಿದೆ.
